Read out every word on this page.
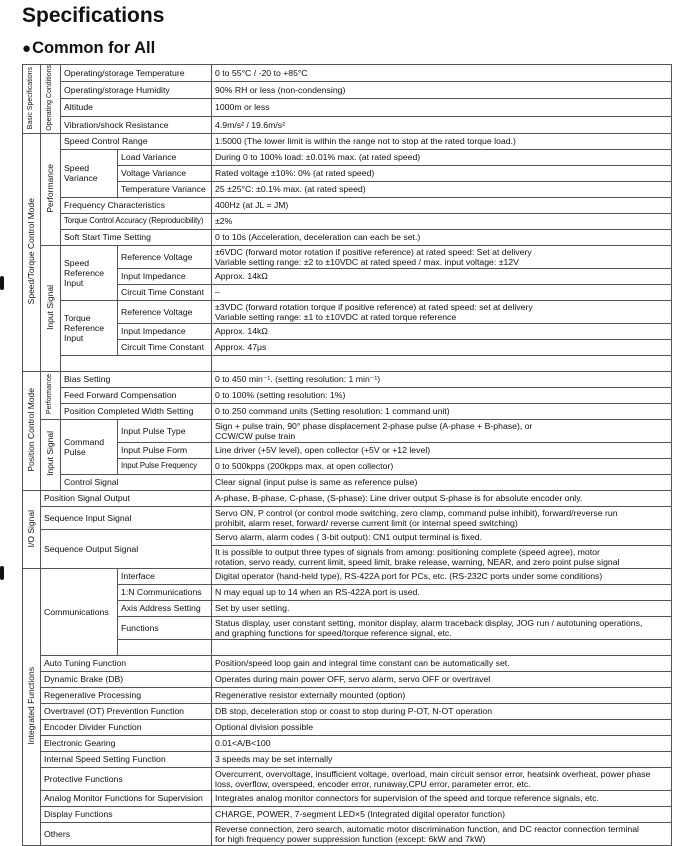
Specifications
●Common for All
Basic Specifications	Operating Conditions	Operating/storage Temperature		0 to 55°C / -20 to +85°C
		Operating/storage Humidity		90% RH or less (non-condensing)
		Altitude		1000m or less
		Vibration/shock Resistance		4.9m/s² / 19.6m/s²
Speed/Torque Control Mode	Performance	Speed Control Range		1:5000 (The lower limit is within the range not to stop at the rated torque load.)
		Speed Variance	Load Variance	During 0 to 100% load: ±0.01% max. (at rated speed)
			Voltage Variance	Rated voltage ±10%: 0% (at rated speed)
			Temperature Variance	25 ±25°C: ±0.1% max. (at rated speed)
		Frequency Characteristics		400Hz (at JL = JM)
		Torque Control Accuracy (Reproducibility)		±2%
		Soft Start Time Setting		0 to 10s (Acceleration, deceleration can each be set.)
	Input Signal	Speed Reference Input	Reference Voltage	±6VDC (forward motor rotation if positive reference) at rated speed: Set at delivery
Variable setting range: ±2 to ±10VDC at rated speed / max. input voltage: ±12V

			Input Impedance	Approx. 14kΩ
			Circuit Time Constant	–
		Torque Reference Input	Reference Voltage	±3VDC (forward rotation torque if positive reference) at rated speed: set at delivery
Variable setting range: ±1 to ±10VDC at rated torque reference

			Input Impedance	Approx. 14kΩ
			Circuit Time Constant	Approx. 47μs

Position Control Mode	Performance	Bias Setting		0 to 450 min⁻¹. (setting resolution: 1 min⁻¹)
		Feed Forward Compensation		0 to 100% (setting resolution: 1%)
		Position Completed Width Setting		0 to 250 command units (Setting resolution: 1 command unit)
	Input Signal	Command Pulse	Input Pulse Type	Sign + pulse train, 90° phase displacement 2-phase pulse (A-phase + B-phase), or
CCW/CW pulse train

			Input Pulse Form	Line driver (+5V level), open collector (+5V or +12 level)
			Input Pulse Frequency	0 to 500kpps (200kpps max. at open collector)
		Control Signal		Clear signal (input pulse is same as reference pulse)
I/O Signal	Position Signal Output			A-phase, B-phase, C-phase, (S-phase): Line driver output S-phase is for absolute encoder only.
	Sequence Input Signal			Servo ON, P control (or control mode switching, zero clamp, command pulse inhibit), forward/reverse run
prohibit, alarm reset, forward/ reverse current limit (or internal speed switching)

	Sequence Output Signal			Servo alarm, alarm codes ( 3-bit output): CN1 output terminal is fixed.

				It is possible to output three types of signals from among: positioning complete (speed agree), motor
rotation, servo ready, current limit, speed limit, brake release, warning, NEAR, and zero point pulse signal

Integrated Functions	Communications		Interface	Digital operator (hand-held type), RS-422A port for PCs, etc. (RS-232C ports under some conditions)
			1:N Communications	N may equal up to 14 when an RS-422A port is used.
			Axis Address Setting	Set by user setting.
			Functions	Status display, user constant setting, monitor display, alarm traceback display, JOG run / autotuning operations,
and graphing functions for speed/torque reference signal, etc.

	Auto Tuning Function			Position/speed loop gain and integral time constant can be automatically set.
	Dynamic Brake (DB)			Operates during main power OFF, servo alarm, servo OFF or overtravel
	Regenerative Processing			Regenerative resistor externally mounted (option)
	Overtravel (OT) Prevention Function			DB stop, deceleration stop or coast to stop during P-OT, N-OT operation
	Encoder Divider Function			Optional division possible
	Electronic Gearing			0.01<A/B<100
	Internal Speed Setting Function			3 speeds may be set internally
	Protective Functions			Overcurrent, overvoltage, insufficient voltage, overload, main circuit sensor error, heatsink overheat, power phase
loss, overflow, overspeed, encoder error, runaway,CPU error, parameter error, etc.

	Analog Monitor Functions for Supervision			Integrates analog monitor connectors for supervision of the speed and torque reference signals, etc.
	Display Functions			CHARGE, POWER, 7-segment LED×5 (Integrated digital operator function)
	Others			Reverse connection, zero search, automatic motor discrimination function, and DC reactor connection terminal
for high frequency power suppression function (except: 6kW and 7kW)
